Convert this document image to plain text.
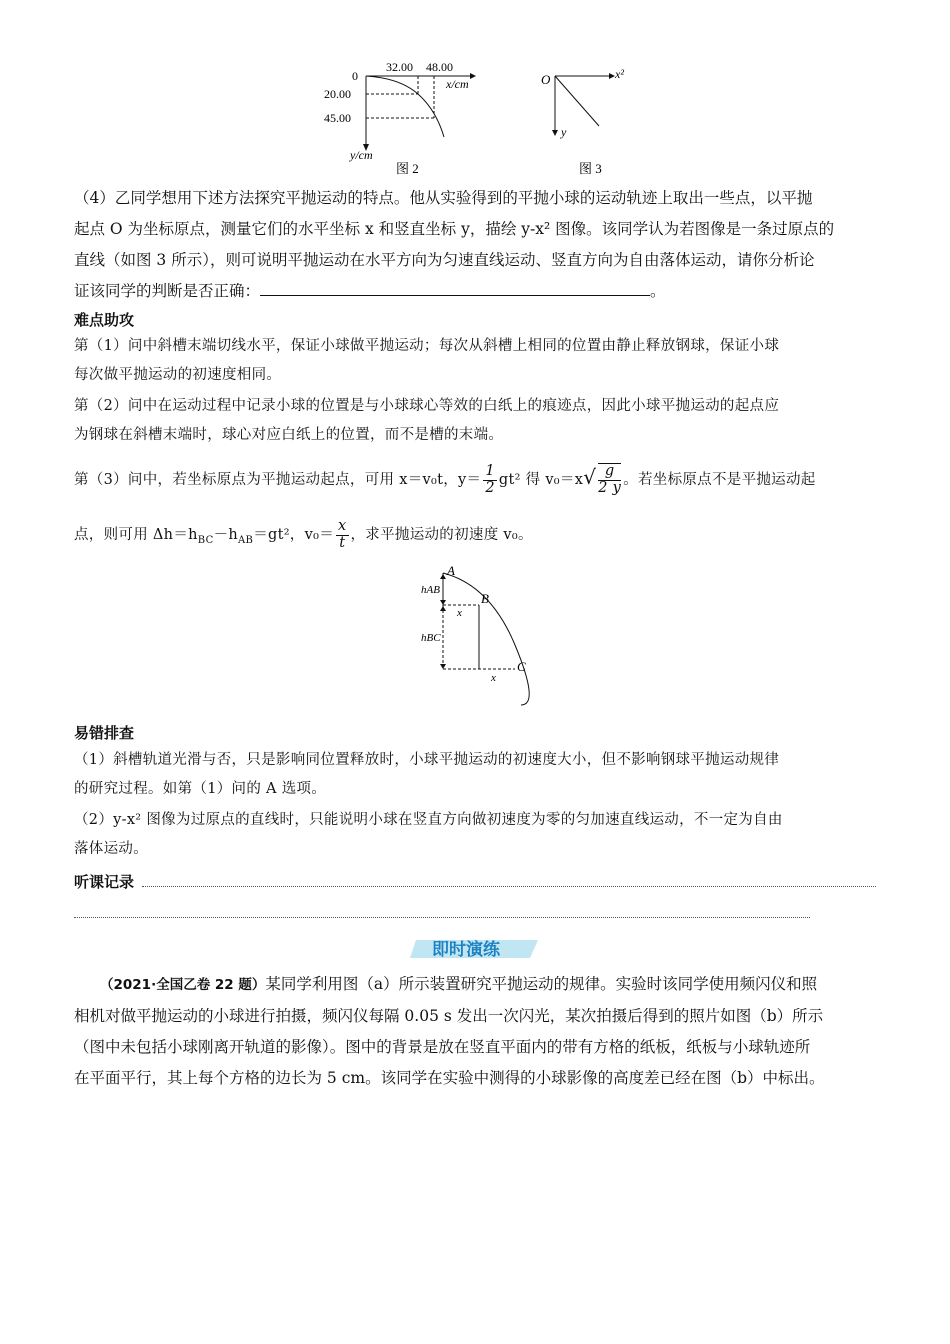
0
32.00 48.00
x/cm
20.00
45.00
y/cm
图 2
O	x²
y
图 3
（4）乙同学想用下述方法探究平抛运动的特点。他从实验得到的平抛小球的运动轨迹上取出一些点，以平抛
起点 O 为坐标原点，测量它们的水平坐标 x 和竖直坐标 y，描绘 y-x² 图像。该同学认为若图像是一条过原点的
直线（如图 3 所示），则可说明平抛运动在水平方向为匀速直线运动、竖直方向为自由落体运动，请你分析论
证该同学的判断是否正确：	。
难点助攻
第（1）问中斜槽末端切线水平，保证小球做平抛运动；每次从斜槽上相同的位置由静止释放钢球，保证小球
每次做平抛运动的初速度相同。
第（2）问中在运动过程中记录小球的位置是与小球球心等效的白纸上的痕迹点，因此小球平抛运动的起点应
为钢球在斜槽末端时，球心对应白纸上的位置，而不是槽的末端。
第（3）问中，若坐标原点为平抛运动起点，可用 x＝v₀t，$y= \frac{1}{2} gt^2$ 得 $v_0=x√ \frac{g}{2 y}$ 。若坐标原点不是平抛运动起
点，则可用 $\Delta h=h_{BC}-h_{AB}=gt^2$，$v_0= \frac{x}{t}$ ，求平抛运动的初速度 v₀。
A
B
C
hAB
hBC
x
x
易错排查
（1）斜槽轨道光滑与否，只是影响同位置释放时，小球平抛运动的初速度大小，但不影响钢球平抛运动规律
的研究过程。如第（1）问的 A 选项。
（2）y-x² 图像为过原点的直线时，只能说明小球在竖直方向做初速度为零的匀加速直线运动，不一定为自由
落体运动。
听课记录
即时演练
（2021·全国乙卷 22 题）某同学利用图（a）所示装置研究平抛运动的规律。实验时该同学使用频闪仪和照
相机对做平抛运动的小球进行拍摄，频闪仪每隔 0.05 s 发出一次闪光，某次拍摄后得到的照片如图（b）所示
（图中未包括小球刚离开轨道的影像）。图中的背景是放在竖直平面内的带有方格的纸板，纸板与小球轨迹所
在平面平行，其上每个方格的边长为 5 cm。该同学在实验中测得的小球影像的高度差已经在图（b）中标出。
